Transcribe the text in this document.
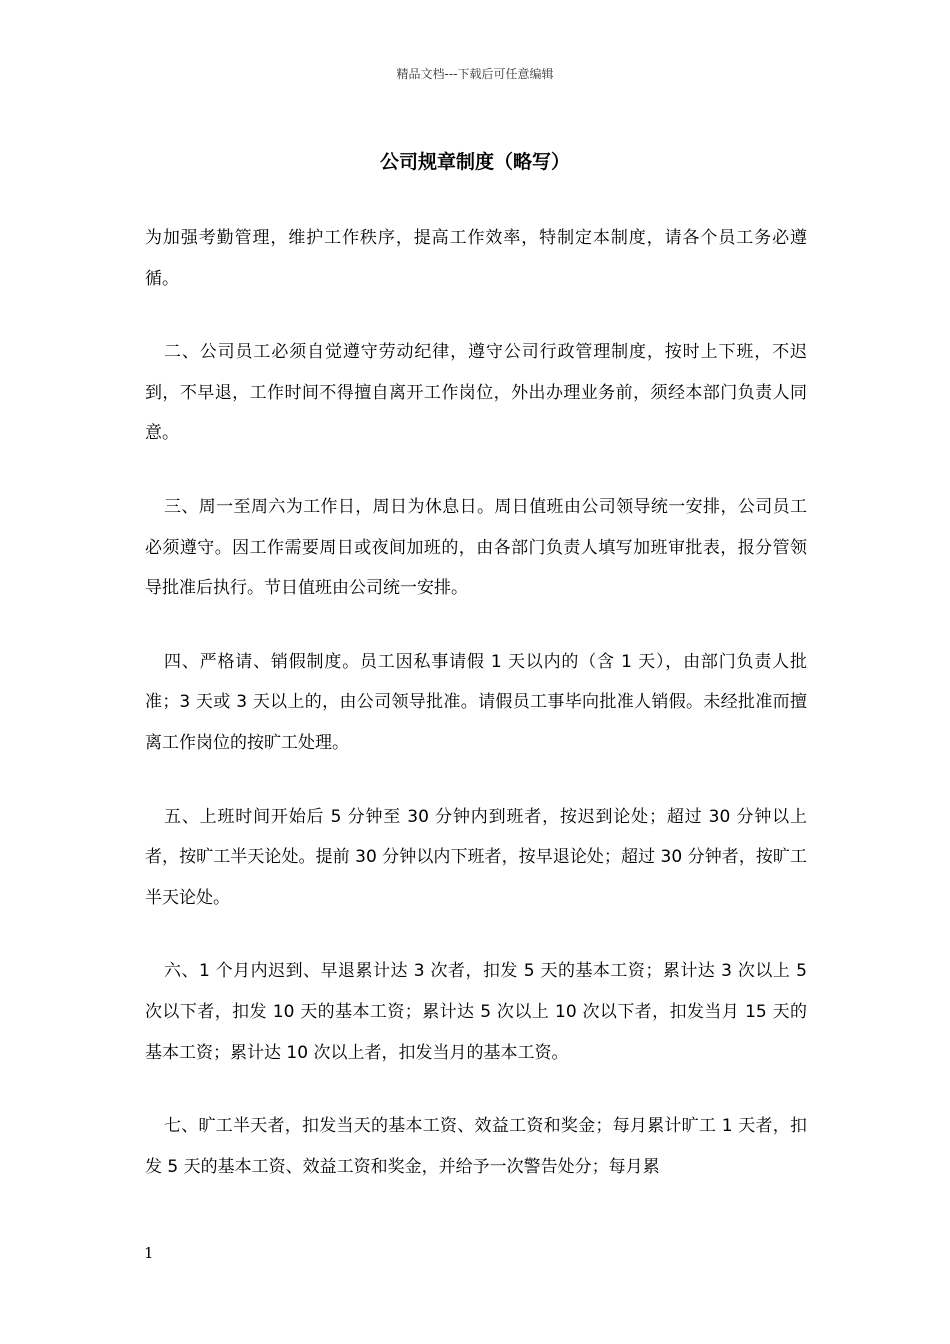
精品文档---下载后可任意编辑
公司规章制度（略写）

为加强考勤管理，维护工作秩序，提高工作效率，特制定本制度，请各个员工务必遵循。

二、公司员工必须自觉遵守劳动纪律，遵守公司行政管理制度，按时上下班，不迟到，不早退，工作时间不得擅自离开工作岗位，外出办理业务前，须经本部门负责人同意。

三、周一至周六为工作日，周日为休息日。周日值班由公司领导统一安排，公司员工必须遵守。因工作需要周日或夜间加班的，由各部门负责人填写加班审批表，报分管领导批准后执行。节日值班由公司统一安排。

四、严格请、销假制度。员工因私事请假 1 天以内的（含 1 天），由部门负责人批准；3 天或 3 天以上的，由公司领导批准。请假员工事毕向批准人销假。未经批准而擅离工作岗位的按旷工处理。

五、上班时间开始后 5 分钟至 30 分钟内到班者，按迟到论处；超过 30 分钟以上者，按旷工半天论处。提前 30 分钟以内下班者，按早退论处；超过 30 分钟者，按旷工半天论处。

六、1 个月内迟到、早退累计达 3 次者，扣发 5 天的基本工资；累计达 3 次以上 5 次以下者，扣发 10 天的基本工资；累计达 5 次以上 10 次以下者，扣发当月 15 天的基本工资；累计达 10 次以上者，扣发当月的基本工资。

七、旷工半天者，扣发当天的基本工资、效益工资和奖金；每月累计旷工 1 天者，扣发 5 天的基本工资、效益工资和奖金，并给予一次警告处分；每月累

1
